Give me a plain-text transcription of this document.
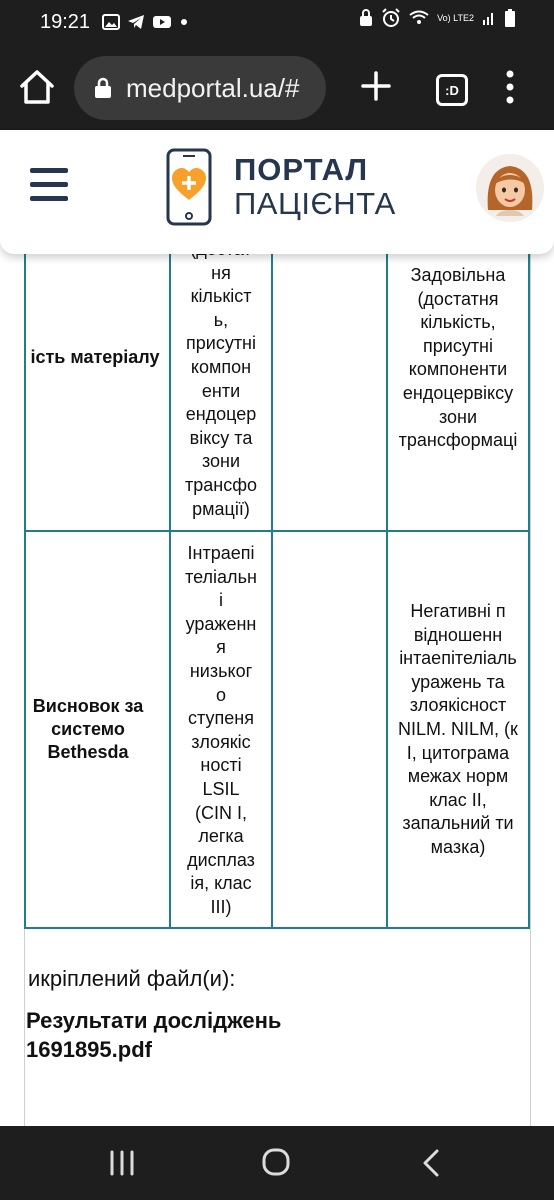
19:21	Vo) LTE2
medportal.ua/#	:D
ПОРТАЛ
ПАЦІЄНТА
ість матеріалу

ня
кількіст
ь,
присутні
компон
енти
ендоцер
віксу та
зони
трансфо
рмації)
Задовільна
(достатня
кількість,
присутні
компоненти
ендоцервіксу
зони
трансформаці
Висновок за
системо
Bethesda
Інтраепі
теліальн
і
ураженн
я
низьког
о
ступеня
злоякіс
ності
LSIL
(CIN I,
легка
дисплаз
ія, клас
III)
Негативні п
відношенн
інтаепітеліаль
уражень та
злоякісност
NILM. NILM, (к
I, цитограма
межах норм
клас II,
запальний ти
мазка)
икріплений файл(и):
Результати досліджень
1691895.pdf
